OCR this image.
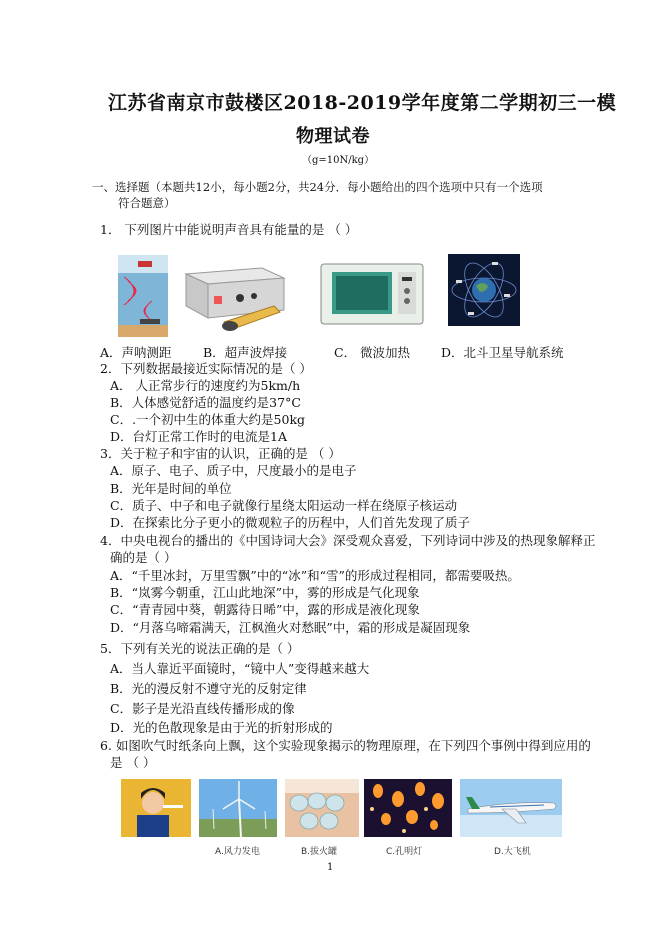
江苏省南京市鼓楼区2018-2019学年度第二学期初三一模
物理试卷
（g=10N/kg）
一、选择题（本题共12小，每小题2分，共24分．每小题给出的四个选项中只有一个选项
符合题意）
1． 下列图片中能说明声音具有能量的是 （ ）
A．声呐测距	B．超声波焊接	C． 微波加热 D．北斗卫星导航系统
2．下列数据最接近实际情况的是（ ）
A． 人正常步行的速度约为5km/h
B．人体感觉舒适的温度约是37°C
C．.一个初中生的体重大约是50kg
D．台灯正常工作时的电流是1A
3．关于粒子和宇宙的认识，正确的是 （ ）
A．原子、电子、质子中，尺度最小的是电子
B．光年是时间的单位
C．质子、中子和电子就像行星绕太阳运动一样在绕原子核运动
D．在探索比分子更小的微观粒子的历程中，人们首先发现了质子
4．中央电视台的播出的《中国诗词大会》深受观众喜爱，下列诗词中涉及的热现象解释正
确的是（ ）
A．“千里冰封，万里雪飘”中的“冰”和“雪”的形成过程相同，都需要吸热。
B．“岚雾今朝重，江山此地深”中，雾的形成是气化现象
C．“青青园中葵，朝露待日晞”中，露的形成是液化现象
D．“月落乌啼霜满天，江枫渔火对愁眠”中，霜的形成是凝固现象
5．下列有关光的说法正确的是（ ）
A．当人靠近平面镜时，“镜中人”变得越来越大
B．光的漫反射不遵守光的反射定律
C．影子是光沿直线传播形成的像
D．光的色散现象是由于光的折射形成的
6. 如图吹气时纸条向上飘，这个实验现象揭示的物理原理，在下列四个事例中得到应用的
是 （ ）
A.风力发电	B.拔火罐	C.孔明灯	D.大飞机
1
